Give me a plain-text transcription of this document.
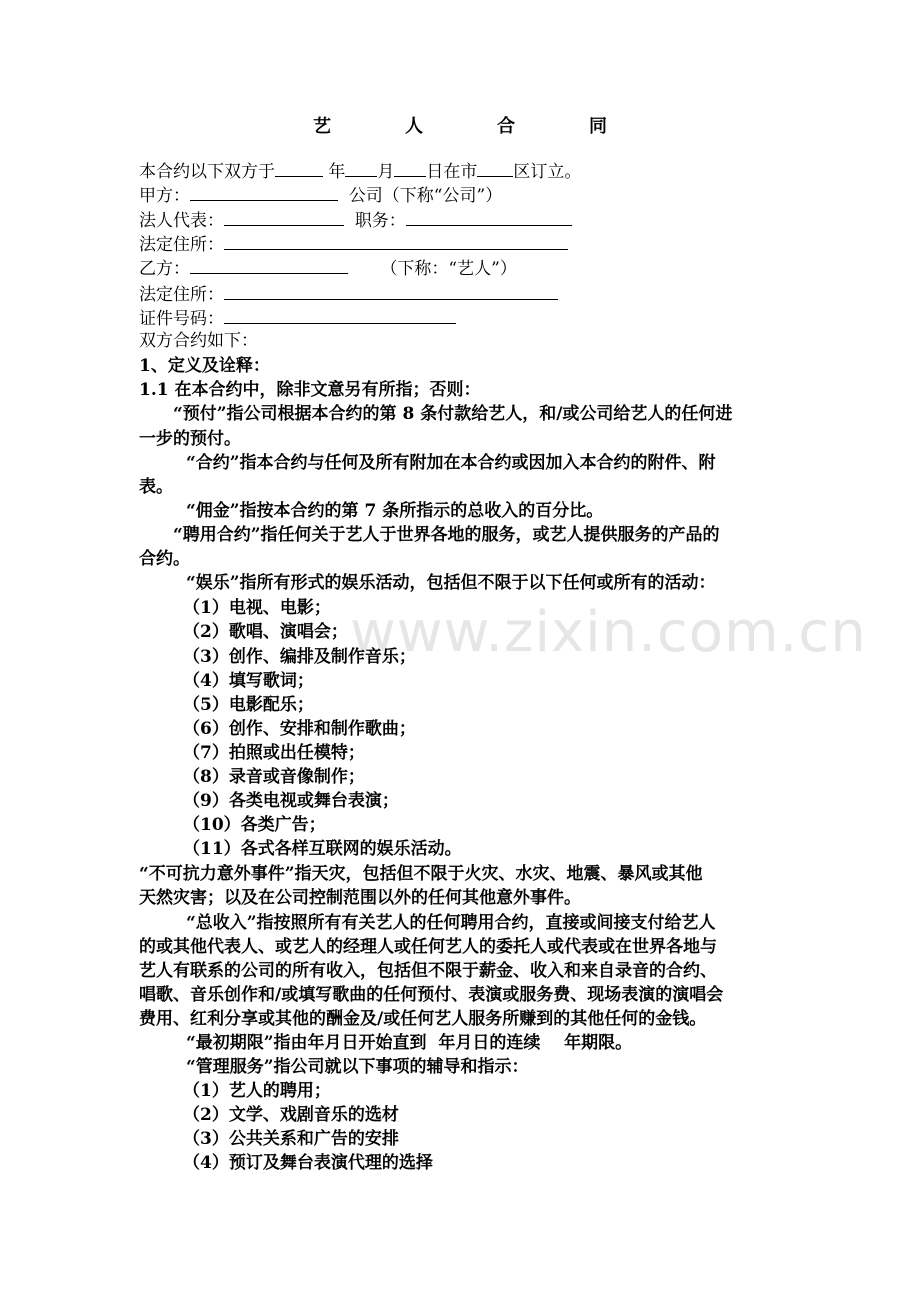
www.zixin.com.cn
艺　人　合　同
本合约以下双方于	年 月 日在市 区订立。
甲方：	公司（下称“公司”）
法人代表：	职务：
法定住所：
乙方：	（下称：“艺人”）
法定住所：
证件号码：
双方合约如下：
1、定义及诠释：
1.1 在本合约中，除非文意另有所指；否则：
“预付”指公司根据本合约的第 8 条付款给艺人，和/或公司给艺人的任何进
一步的预付。
“合约”指本合约与任何及所有附加在本合约或因加入本合约的附件、附
表。
“佣金”指按本合约的第 7 条所指示的总收入的百分比。
“聘用合约”指任何关于艺人于世界各地的服务，或艺人提供服务的产品的
合约。
“娱乐”指所有形式的娱乐活动，包括但不限于以下任何或所有的活动：
（1）电视、电影；
（2）歌唱、演唱会；
（3）创作、编排及制作音乐；
（4）填写歌词；
（5）电影配乐；
（6）创作、安排和制作歌曲；
（7）拍照或出任模特；
（8）录音或音像制作；
（9）各类电视或舞台表演；
（10）各类广告；
（11）各式各样互联网的娱乐活动。
“不可抗力意外事件”指天灾，包括但不限于火灾、水灾、地震、暴风或其他
天然灾害；以及在公司控制范围以外的任何其他意外事件。
“总收入”指按照所有有关艺人的任何聘用合约，直接或间接支付给艺人
的或其他代表人、或艺人的经理人或任何艺人的委托人或代表或在世界各地与
艺人有联系的公司的所有收入，包括但不限于薪金、收入和来自录音的合约、
唱歌、音乐创作和/或填写歌曲的任何预付、表演或服务费、现场表演的演唱会
费用、红利分享或其他的酬金及/或任何艺人服务所赚到的其他任何的金钱。
“最初期限”指由年月日开始直到  年月日的连续    年期限。
“管理服务”指公司就以下事项的辅导和指示：
（1）艺人的聘用；
（2）文学、戏剧音乐的选材
（3）公共关系和广告的安排
（4）预订及舞台表演代理的选择
